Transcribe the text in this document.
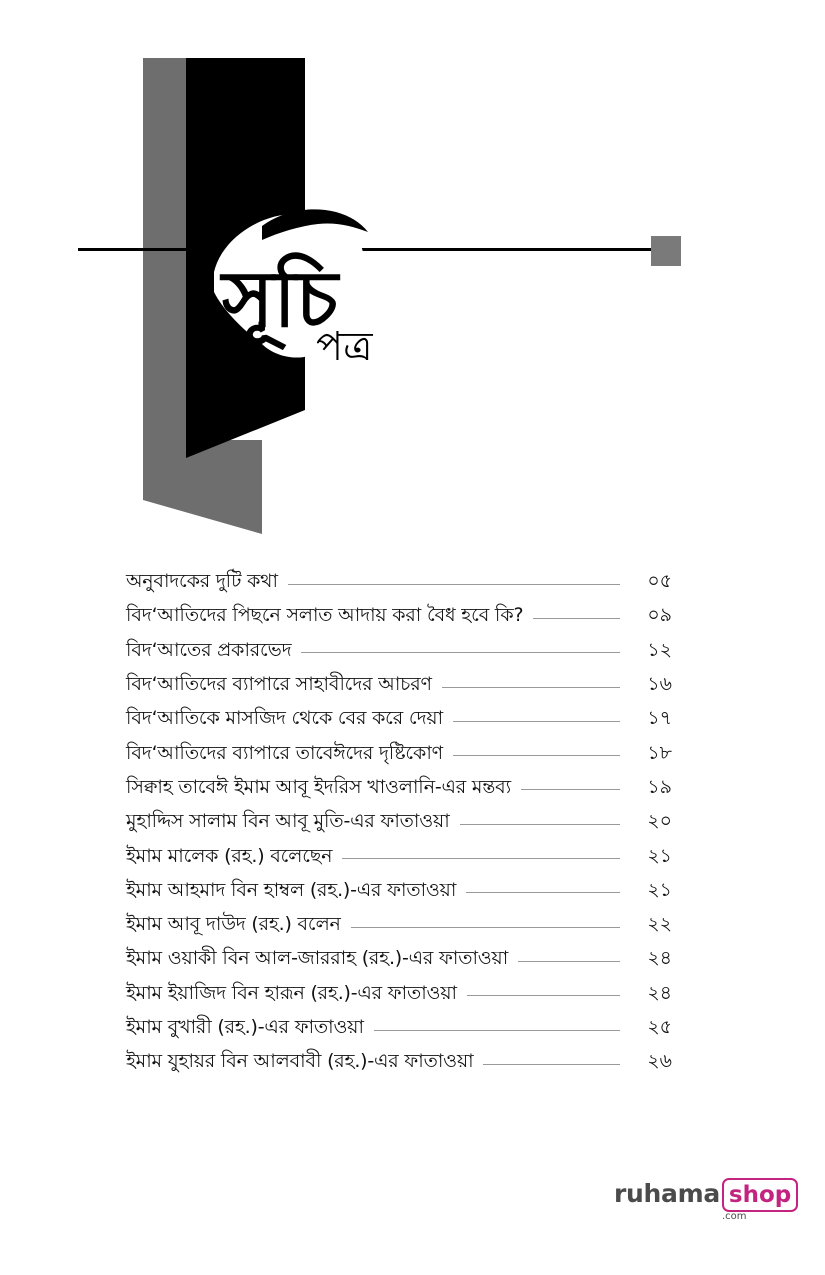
সূচি
পত্র
অনুবাদকের দুটি কথা	০৫
বিদ‘আতিদের পিছনে সলাত আদায় করা বৈধ হবে কি?	০৯
বিদ‘আতের প্রকারভেদ	১২
বিদ‘আতিদের ব্যাপারে সাহাবীদের আচরণ	১৬
বিদ‘আতিকে মাসজিদ থেকে বের করে দেয়া	১৭
বিদ‘আতিদের ব্যাপারে তাবেঈদের দৃষ্টিকোণ	১৮
সিক্বাহ তাবেঈ ইমাম আবূ ইদরিস খাওলানি-এর মন্তব্য	১৯
মুহাদ্দিস সালাম বিন আবূ মুতি-এর ফাতাওয়া	২০
ইমাম মালেক (রহ.) বলেছেন	২১
ইমাম আহমাদ বিন হাম্বল (রহ.)-এর ফাতাওয়া	২১
ইমাম আবূ দাউদ (রহ.) বলেন	২২
ইমাম ওয়াকী বিন আল-জাররাহ (রহ.)-এর ফাতাওয়া	২৪
ইমাম ইয়াজিদ বিন হারূন (রহ.)-এর ফাতাওয়া	২৪
ইমাম বুখারী (রহ.)-এর ফাতাওয়া	২৫
ইমাম যুহায়র বিন আলবাবী (রহ.)-এর ফাতাওয়া	২৬
ruhama shop
.com
